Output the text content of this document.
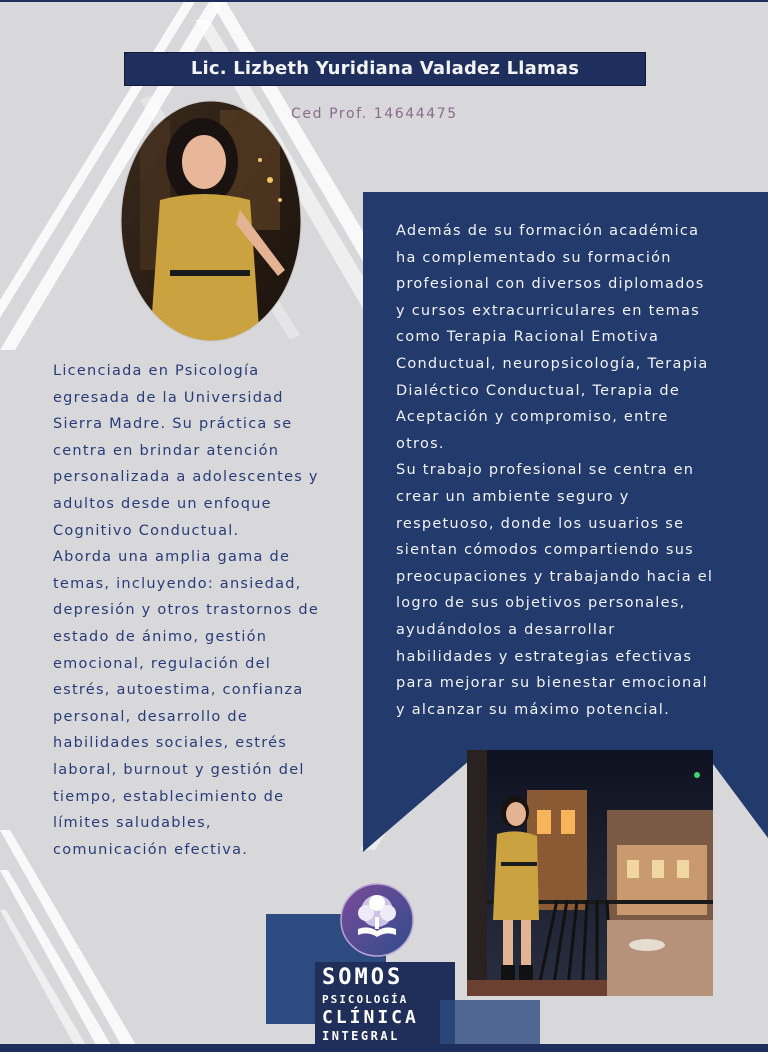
Lic. Lizbeth Yuridiana Valadez Llamas
Ced Prof. 14644475
Licenciada en Psicología
egresada de la Universidad
Sierra Madre. Su práctica se
centra en brindar atención
personalizada a adolescentes y
adultos desde un enfoque
Cognitivo Conductual.
Aborda una amplia gama de
temas, incluyendo: ansiedad,
depresión y otros trastornos de
estado de ánimo, gestión
emocional, regulación del
estrés, autoestima, confianza
personal, desarrollo de
habilidades sociales, estrés
laboral, burnout y gestión del
tiempo, establecimiento de
límites saludables,
comunicación efectiva.
Además de su formación académica
ha complementado su formación
profesional con diversos diplomados
y cursos extracurriculares en temas
como Terapia Racional Emotiva
Conductual, neuropsicología, Terapia
Dialéctico Conductual, Terapia de
Aceptación y compromiso, entre
otros.
Su trabajo profesional se centra en
crear un ambiente seguro y
respetuoso, donde los usuarios se
sientan cómodos compartiendo sus
preocupaciones y trabajando hacia el
logro de sus objetivos personales,
ayudándolos a desarrollar
habilidades y estrategias efectivas
para mejorar su bienestar emocional
y alcanzar su máximo potencial.
SOMOS
PSICOLOGÍA
CLÍNICA
INTEGRAL
